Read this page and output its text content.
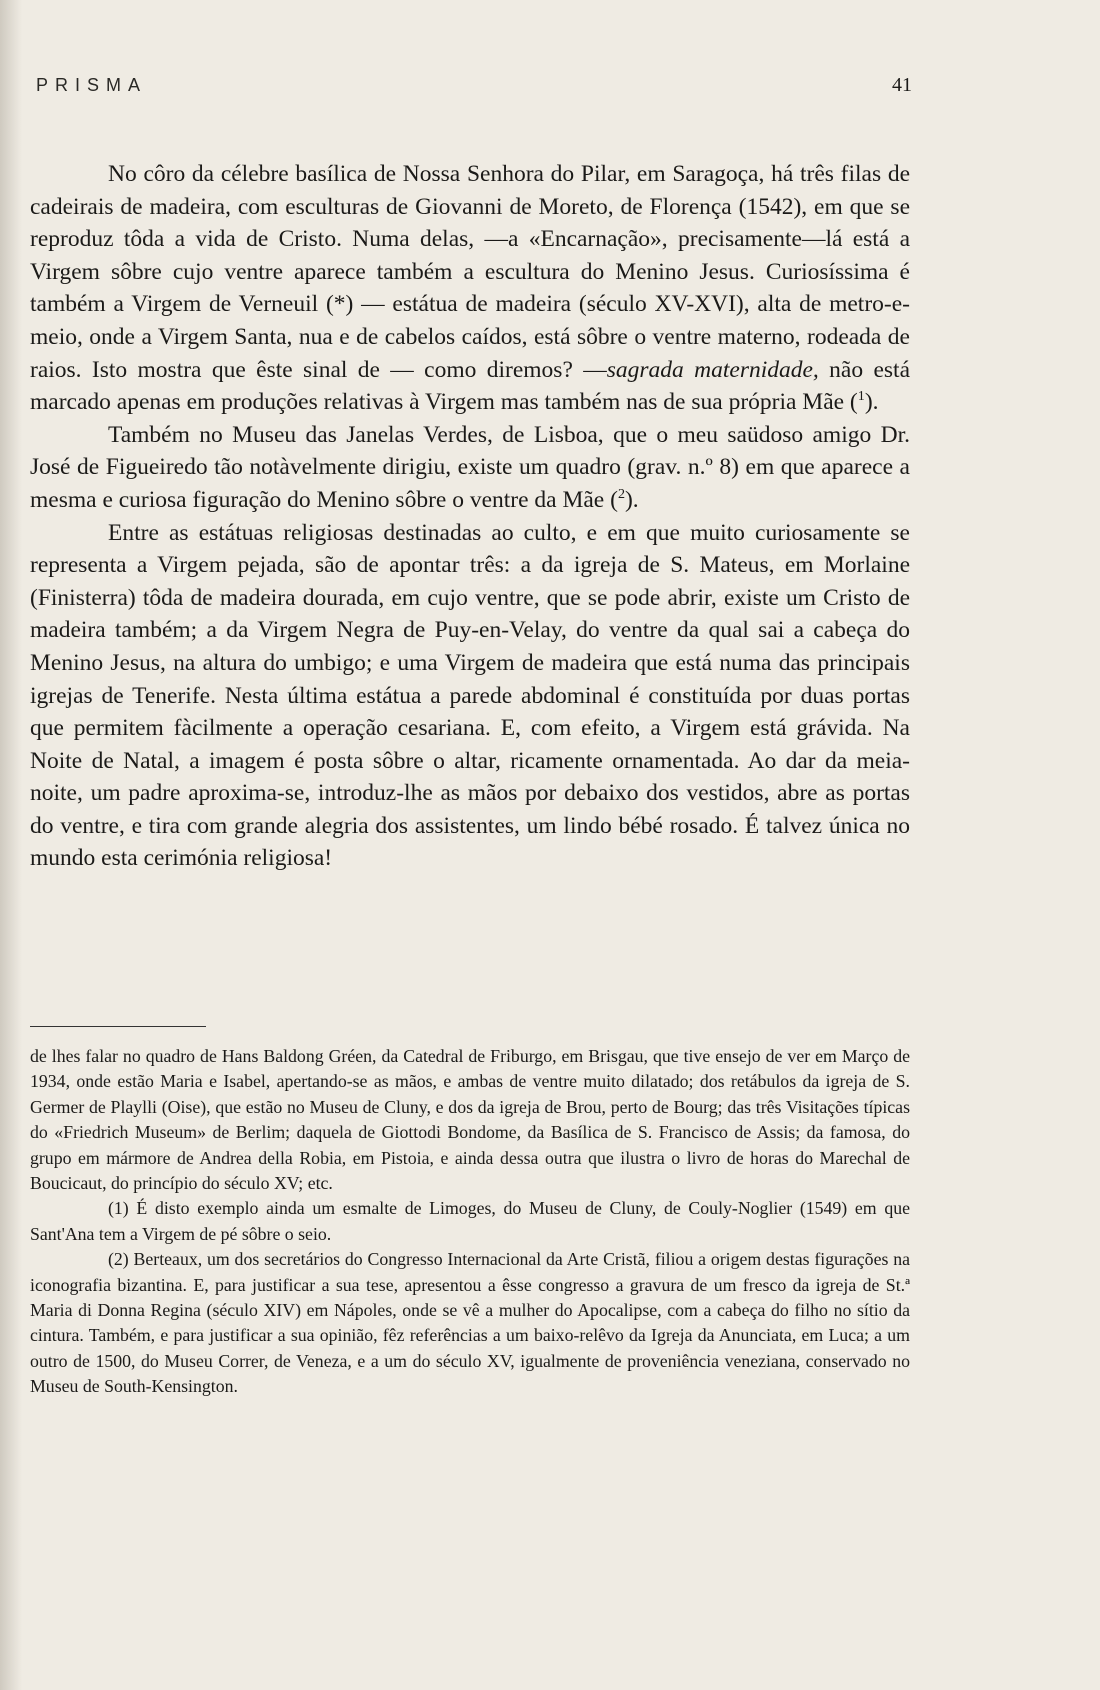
PRISMA	41

No côro da célebre basílica de Nossa Senhora do Pilar, em Saragoça, há três filas de cadeirais de madeira, com esculturas de Giovanni de Moreto, de Florença (1542), em que se reproduz tôda a vida de Cristo. Numa delas, —a «Encarnação», precisamente—lá está a Virgem sôbre cujo ventre aparece também a escultura do Menino Jesus. Curiosíssima é também a Virgem de Verneuil (*) — estátua de madeira (século XV-XVI), alta de metro-e-meio, onde a Virgem Santa, nua e de cabelos caídos, está sôbre o ventre materno, rodeada de raios. Isto mostra que êste sinal de — como diremos? —sagrada maternidade, não está marcado apenas em produções relativas à Virgem mas também nas de sua própria Mãe ($^1$).

Também no Museu das Janelas Verdes, de Lisboa, que o meu saüdoso amigo Dr. José de Figueiredo tão notàvelmente dirigiu, existe um quadro (grav. n.º 8) em que aparece a mesma e curiosa figuração do Menino sôbre o ventre da Mãe ($^2$).

Entre as estátuas religiosas destinadas ao culto, e em que muito curiosamente se representa a Virgem pejada, são de apontar três: a da igreja de S. Mateus, em Morlaine (Finisterra) tôda de madeira dourada, em cujo ventre, que se pode abrir, existe um Cristo de madeira também; a da Virgem Negra de Puy-en-Velay, do ventre da qual sai a cabeça do Menino Jesus, na altura do umbigo; e uma Virgem de madeira que está numa das principais igrejas de Tenerife. Nesta última estátua a parede abdominal é constituída por duas portas que permitem fàcilmente a operação cesariana. E, com efeito, a Virgem está grávida. Na Noite de Natal, a imagem é posta sôbre o altar, ricamente ornamentada. Ao dar da meia-noite, um padre aproxima-se, introduz-lhe as mãos por debaixo dos vestidos, abre as portas do ventre, e tira com grande alegria dos assistentes, um lindo bébé rosado. É talvez única no mundo esta cerimónia religiosa!

de lhes falar no quadro de Hans Baldong Gréen, da Catedral de Friburgo, em Brisgau, que tive ensejo de ver em Março de 1934, onde estão Maria e Isabel, apertando-se as mãos, e ambas de ventre muito dilatado; dos retábulos da igreja de S. Germer de Playlli (Oise), que estão no Museu de Cluny, e dos da igreja de Brou, perto de Bourg; das três Visitações típicas do «Friedrich Museum» de Berlim; daquela de Giottodi Bondome, da Basílica de S. Francisco de Assis; da famosa, do grupo em mármore de Andrea della Robia, em Pistoia, e ainda dessa outra que ilustra o livro de horas do Marechal de Boucicaut, do princípio do século XV; etc.

(1) É disto exemplo ainda um esmalte de Limoges, do Museu de Cluny, de Couly-Noglier (1549) em que Sant'Ana tem a Virgem de pé sôbre o seio.

(2) Berteaux, um dos secretários do Congresso Internacional da Arte Cristã, filiou a origem destas figurações na iconografia bizantina. E, para justificar a sua tese, apresentou a êsse congresso a gravura de um fresco da igreja de St.ª Maria di Donna Regina (século XIV) em Nápoles, onde se vê a mulher do Apocalipse, com a cabeça do filho no sítio da cintura. Também, e para justificar a sua opinião, fêz referências a um baixo-relêvo da Igreja da Anunciata, em Luca; a um outro de 1500, do Museu Correr, de Veneza, e a um do século XV, igualmente de proveniência veneziana, conservado no Museu de South-Kensington.
